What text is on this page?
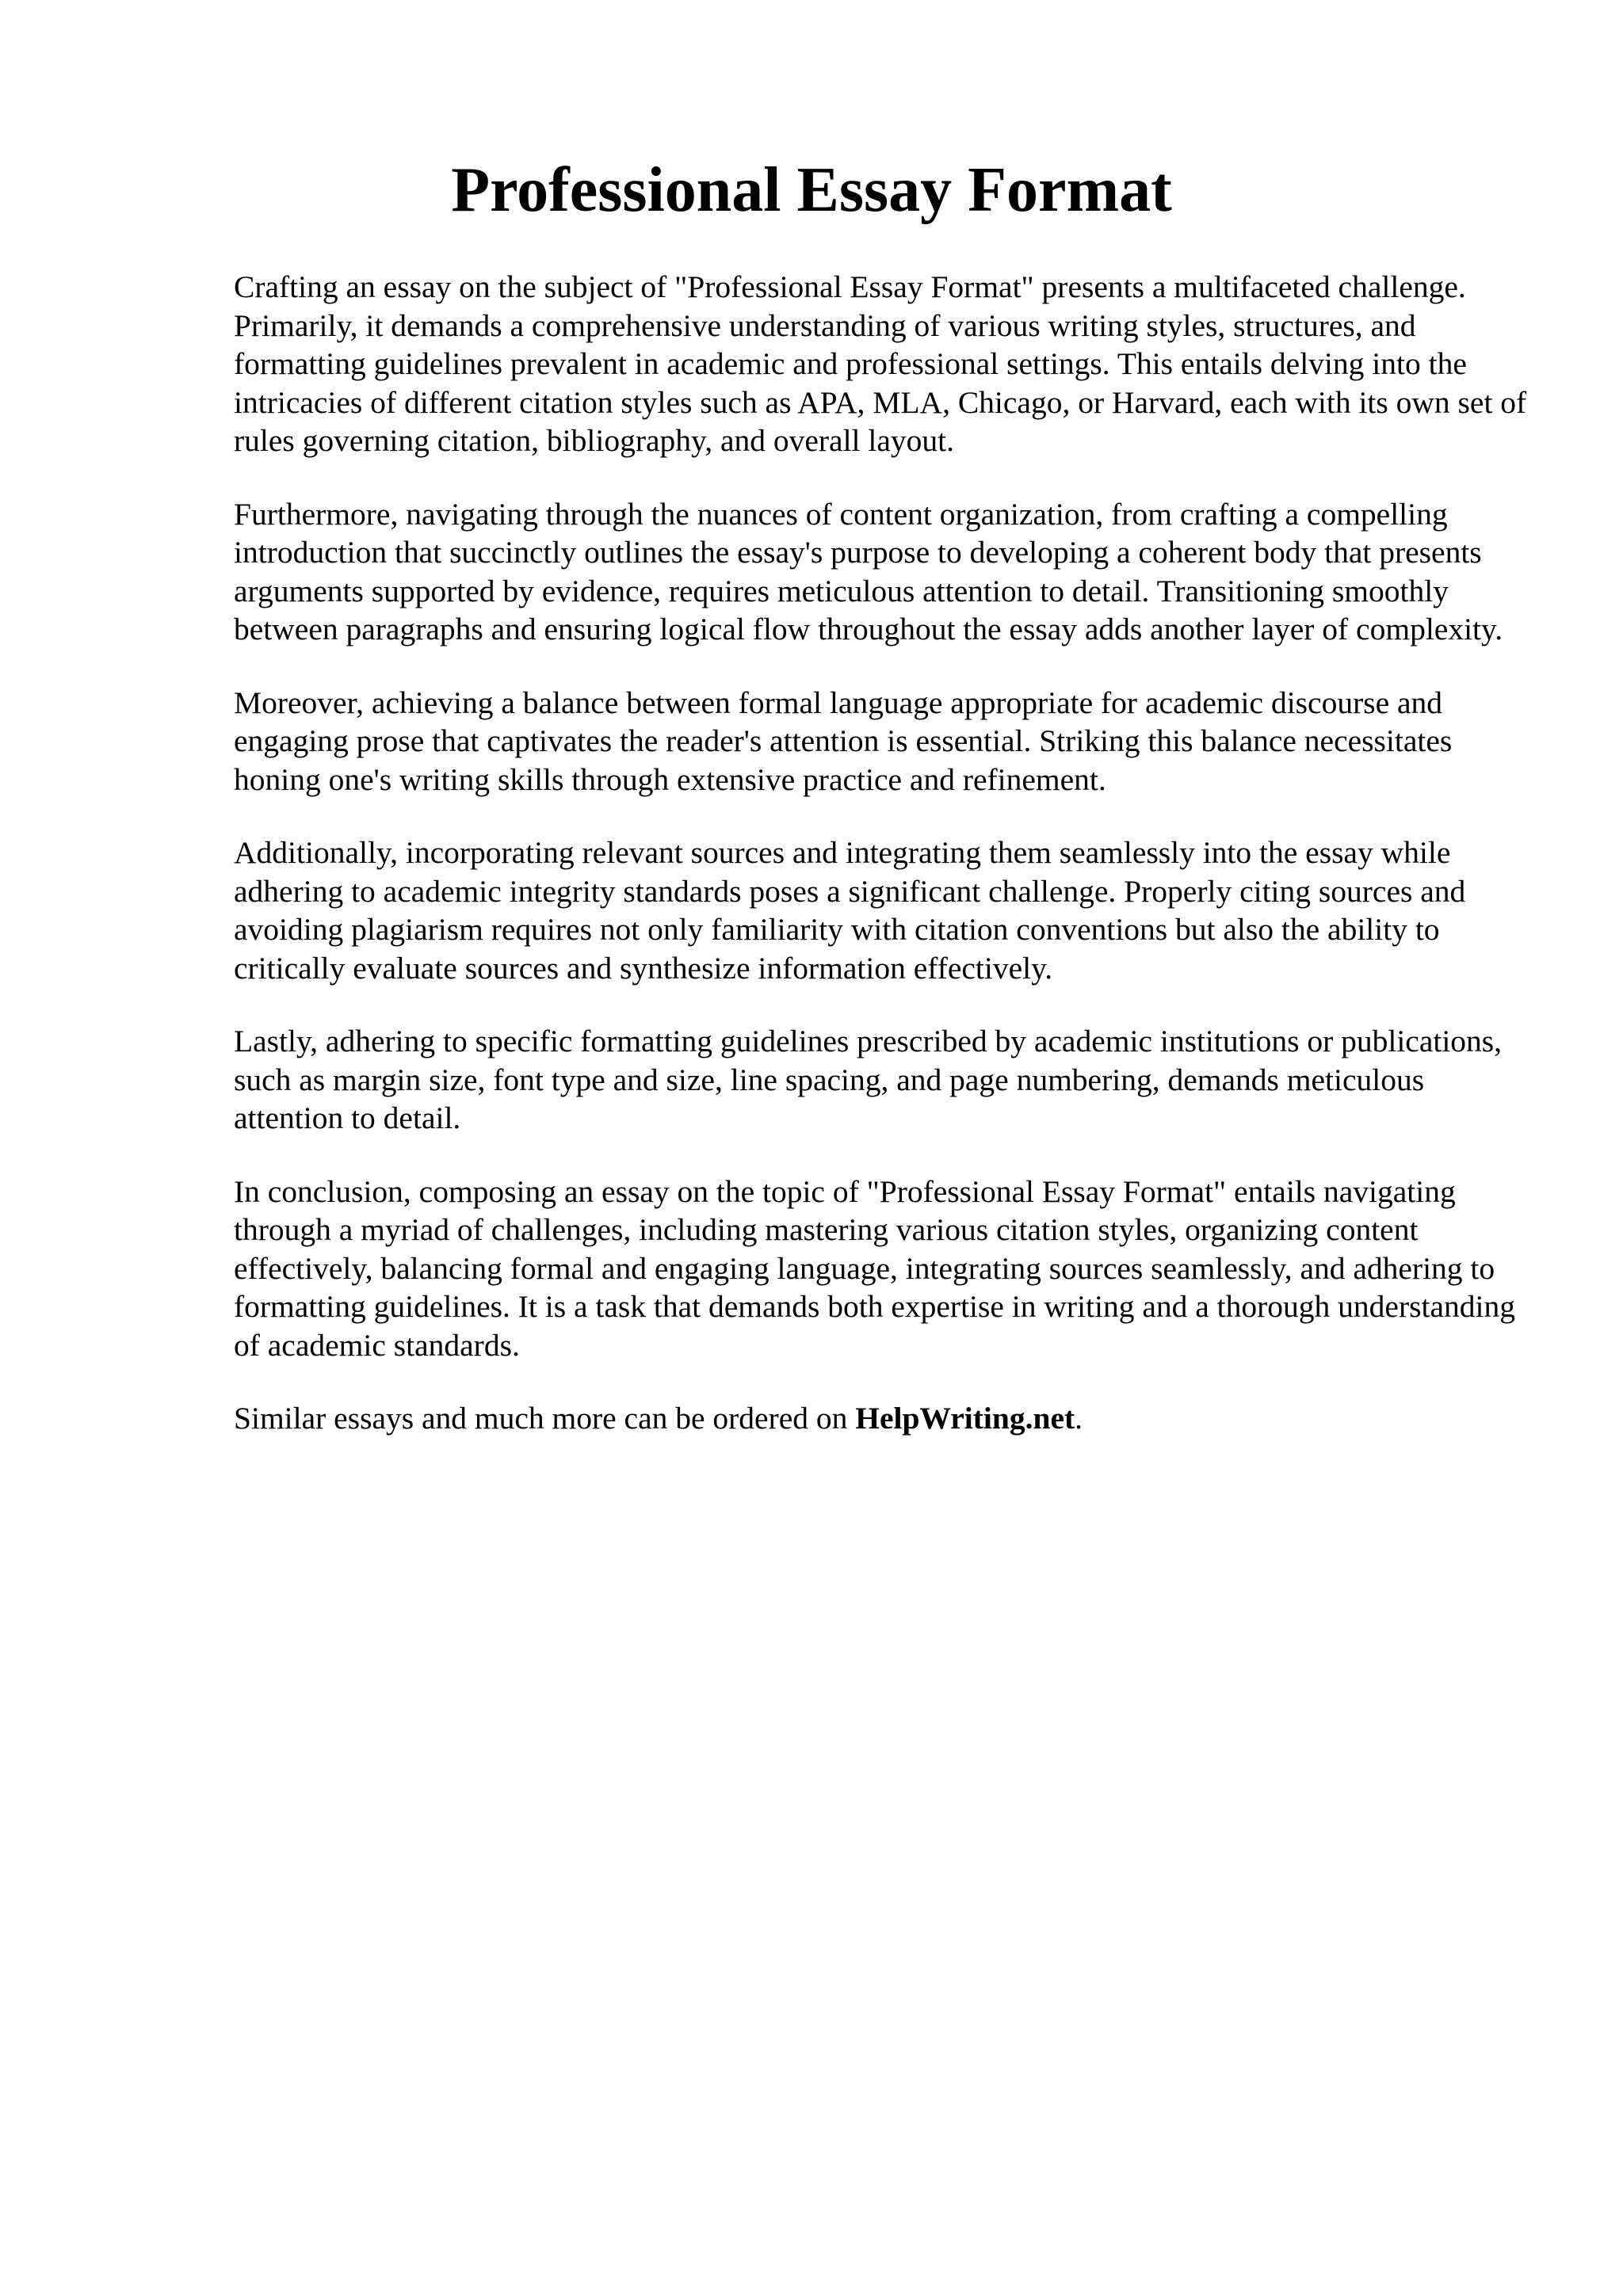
Professional Essay Format

Crafting an essay on the subject of "Professional Essay Format" presents a multifaceted challenge. Primarily, it demands a comprehensive understanding of various writing styles, structures, and formatting guidelines prevalent in academic and professional settings. This entails delving into the intricacies of different citation styles such as APA, MLA, Chicago, or Harvard, each with its own set of rules governing citation, bibliography, and overall layout.

Furthermore, navigating through the nuances of content organization, from crafting a compelling introduction that succinctly outlines the essay's purpose to developing a coherent body that presents arguments supported by evidence, requires meticulous attention to detail. Transitioning smoothly between paragraphs and ensuring logical flow throughout the essay adds another layer of complexity.

Moreover, achieving a balance between formal language appropriate for academic discourse and engaging prose that captivates the reader's attention is essential. Striking this balance necessitates honing one's writing skills through extensive practice and refinement.

Additionally, incorporating relevant sources and integrating them seamlessly into the essay while adhering to academic integrity standards poses a significant challenge. Properly citing sources and avoiding plagiarism requires not only familiarity with citation conventions but also the ability to critically evaluate sources and synthesize information effectively.

Lastly, adhering to specific formatting guidelines prescribed by academic institutions or publications, such as margin size, font type and size, line spacing, and page numbering, demands meticulous attention to detail.

In conclusion, composing an essay on the topic of "Professional Essay Format" entails navigating through a myriad of challenges, including mastering various citation styles, organizing content effectively, balancing formal and engaging language, integrating sources seamlessly, and adhering to formatting guidelines. It is a task that demands both expertise in writing and a thorough understanding of academic standards.

Similar essays and much more can be ordered on HelpWriting.net.
